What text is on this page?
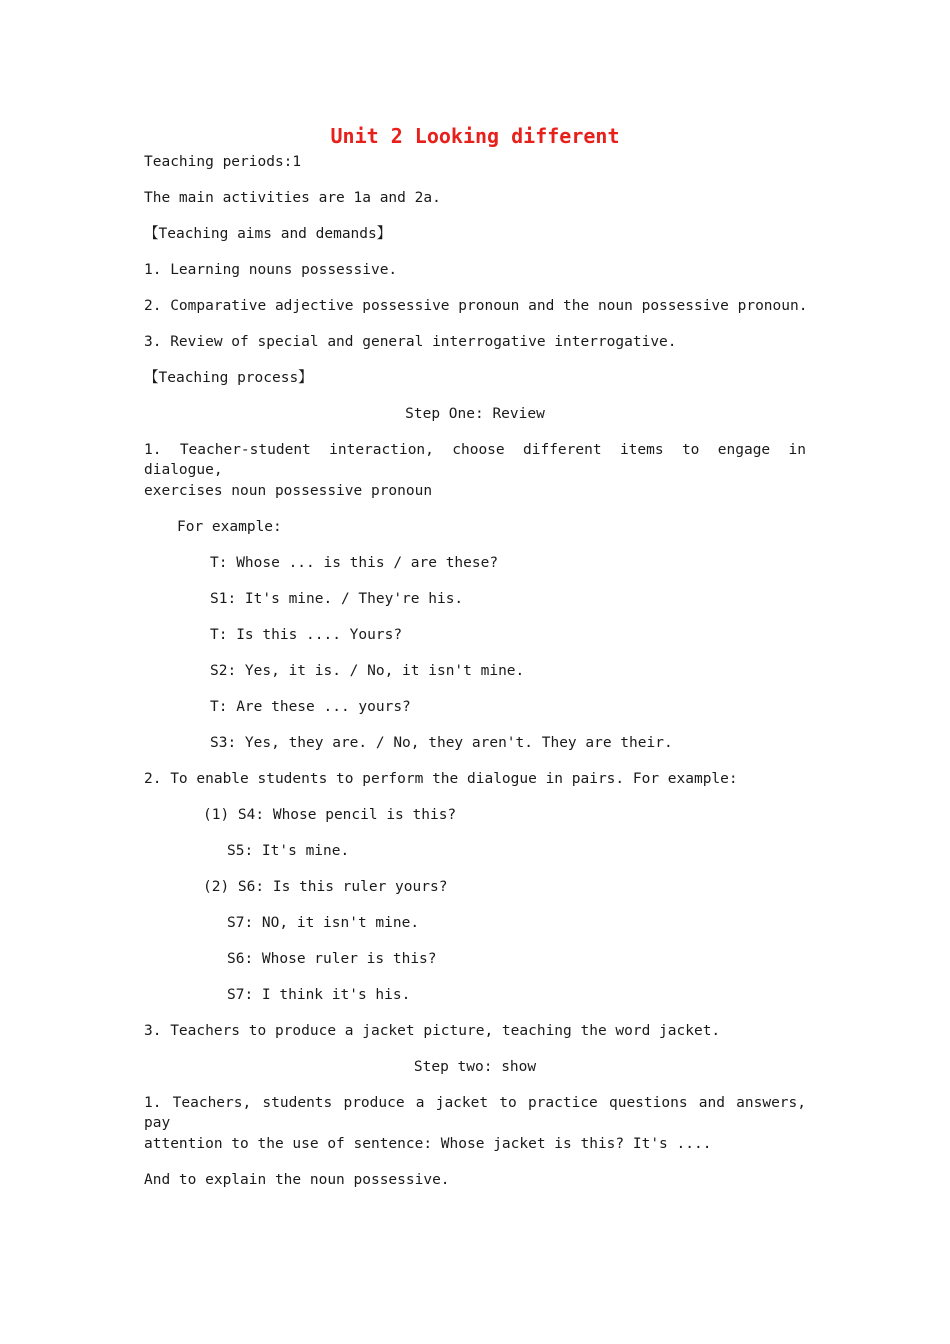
Unit 2 Looking different
Teaching periods:1
The main activities are 1a and 2a.
【Teaching aims and demands】
1. Learning nouns possessive.
2. Comparative adjective possessive pronoun and the noun possessive pronoun.
3. Review of special and general interrogative interrogative.
【Teaching process】
Step One: Review
1. Teacher-student interaction, choose different items to engage in dialogue,
exercises noun possessive pronoun
For example:
T: Whose ... is this / are these?
S1: It's mine. / They're his.
T: Is this .... Yours?
S2: Yes, it is. / No, it isn't mine.
T: Are these ... yours?
S3: Yes, they are. / No, they aren't. They are their.
2. To enable students to perform the dialogue in pairs. For example:
(1) S4: Whose pencil is this?
S5: It's mine.
(2) S6: Is this ruler yours?
S7: NO, it isn't mine.
S6: Whose ruler is this?
S7: I think it's his.
3. Teachers to produce a jacket picture, teaching the word jacket.
Step two: show
1. Teachers, students produce a jacket to practice questions and answers, pay
attention to the use of sentence: Whose jacket is this? It's ....
And to explain the noun possessive.
